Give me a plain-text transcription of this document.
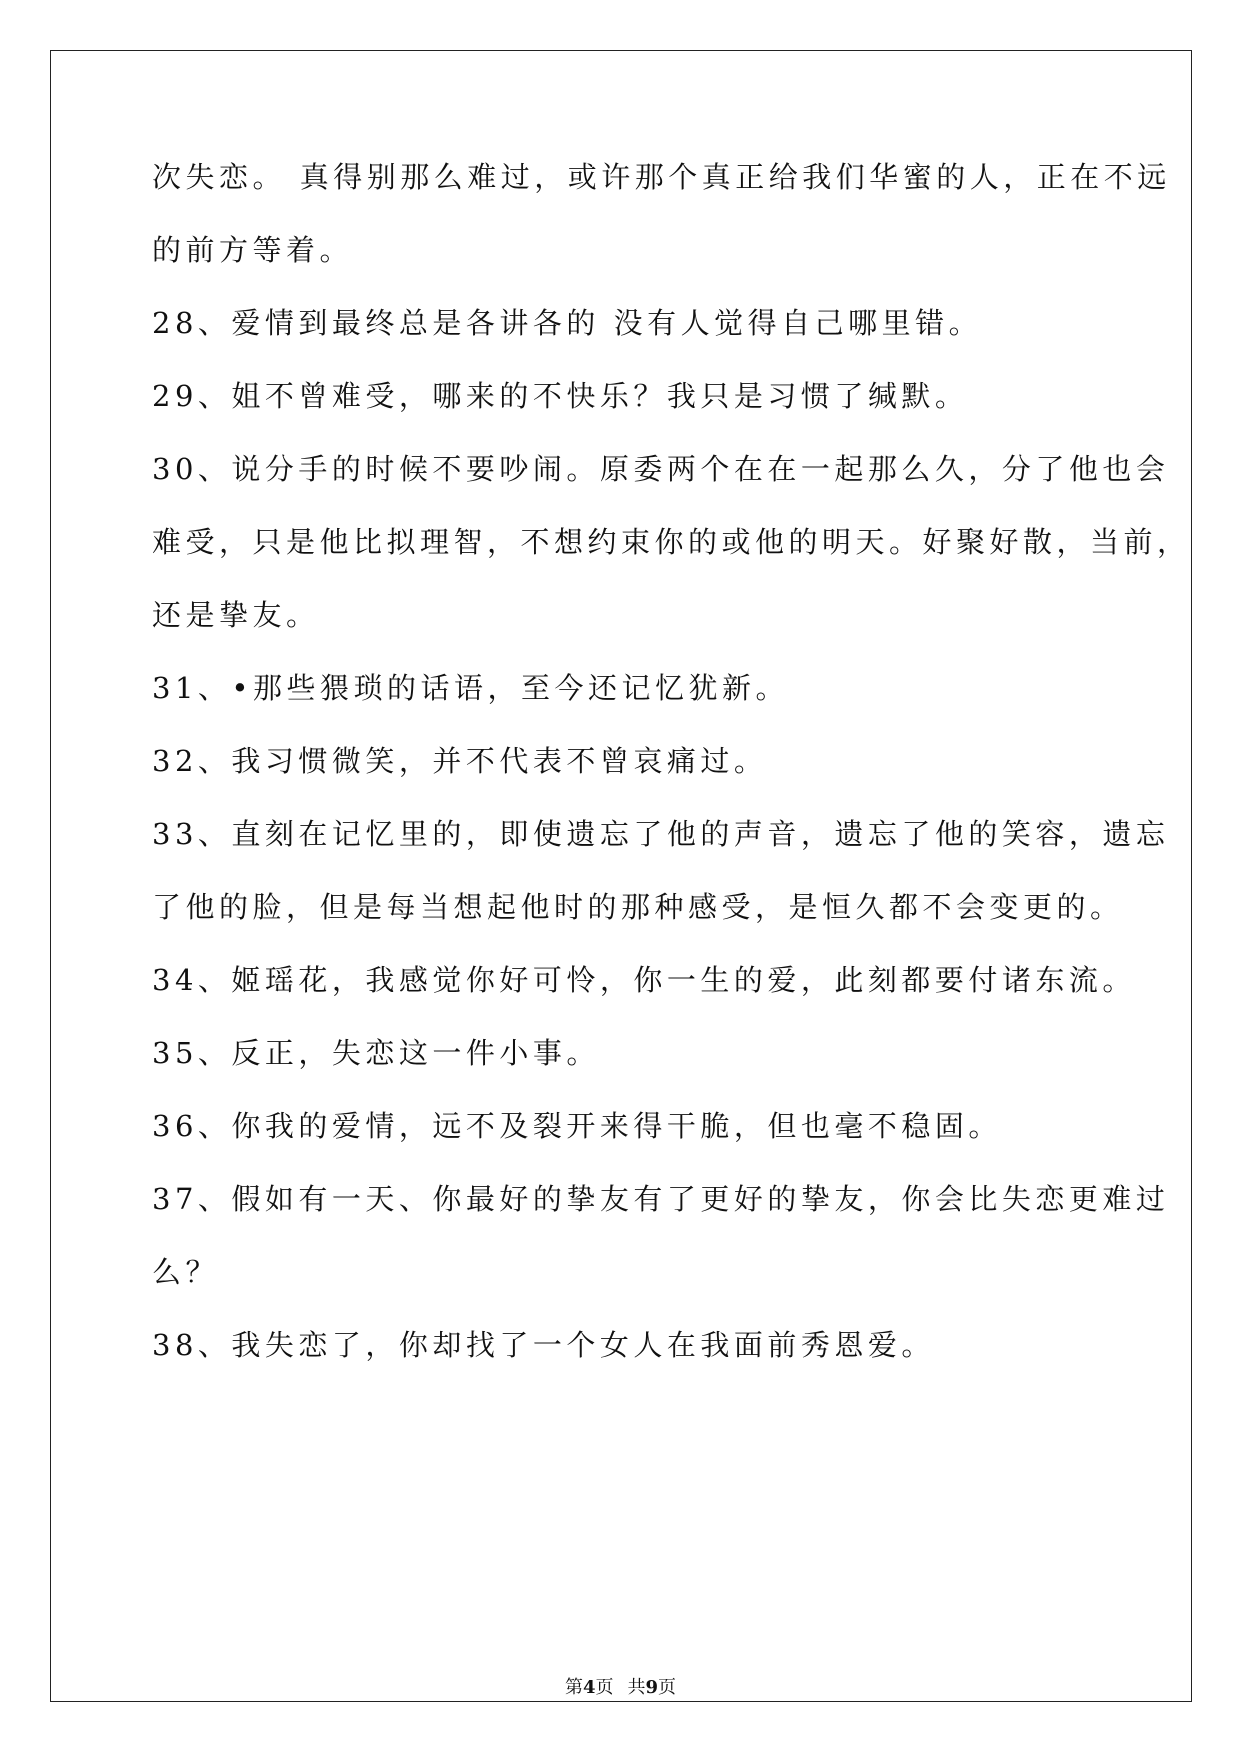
次失恋。 真得别那么难过，或许那个真正给我们华蜜的人，正在不远
的前方等着。
28、爱情到最终总是各讲各的 没有人觉得自己哪里错。
29、姐不曾难受，哪来的不快乐？我只是习惯了缄默。
30、说分手的时候不要吵闹。原委两个在在一起那么久，分了他也会
难受，只是他比拟理智，不想约束你的或他的明天。好聚好散，当前，
还是挚友。
31、•那些猥琐的话语，至今还记忆犹新。
32、我习惯微笑，并不代表不曾哀痛过。
33、直刻在记忆里的，即使遗忘了他的声音，遗忘了他的笑容，遗忘
了他的脸，但是每当想起他时的那种感受，是恒久都不会变更的。
34、姬瑶花，我感觉你好可怜，你一生的爱，此刻都要付诸东流。
35、反正，失恋这一件小事。
36、你我的爱情，远不及裂开来得干脆，但也毫不稳固。
37、假如有一天、你最好的挚友有了更好的挚友，你会比失恋更难过
么？
38、我失恋了，你却找了一个女人在我面前秀恩爱。
第4页 共9页
